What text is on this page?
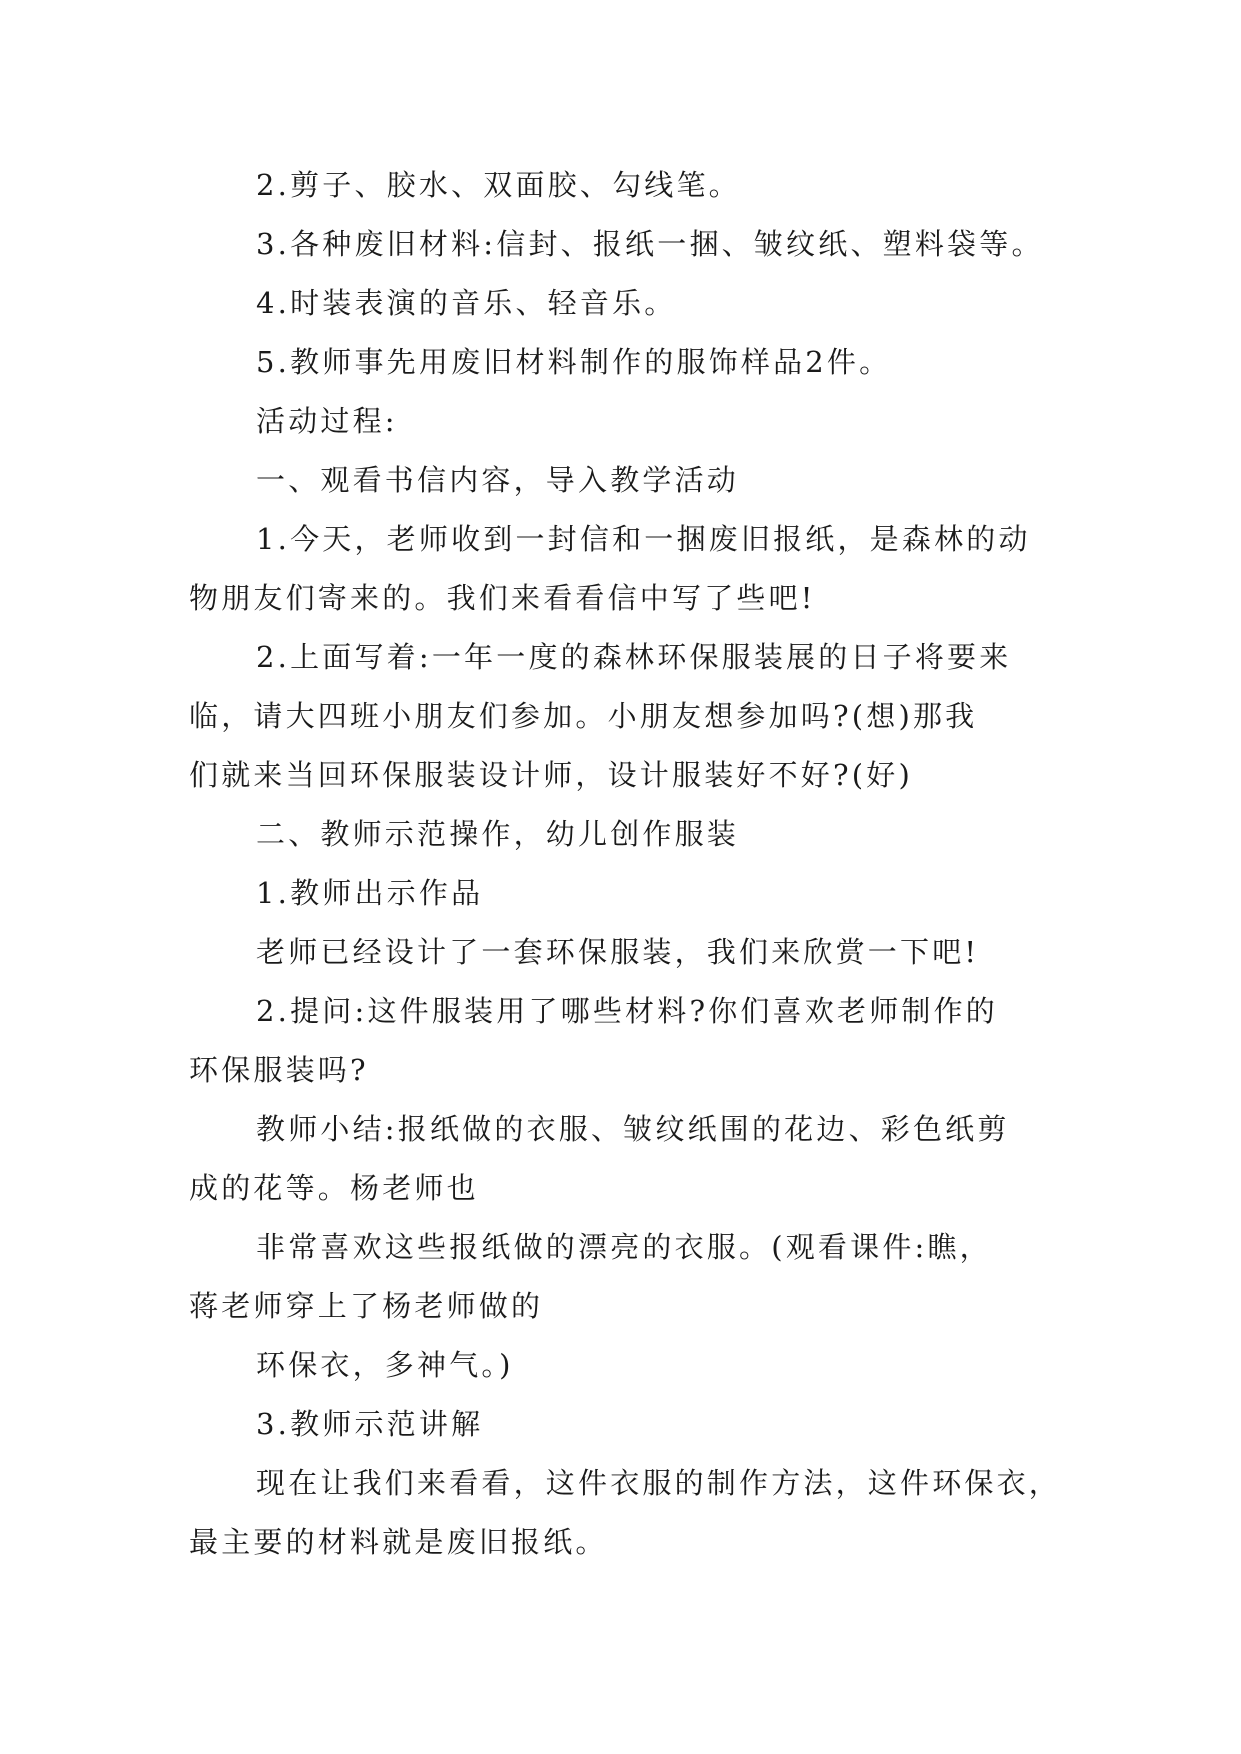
2.剪子、胶水、双面胶、勾线笔。
3.各种废旧材料:信封、报纸一捆、皱纹纸、塑料袋等。
4.时装表演的音乐、轻音乐。
5.教师事先用废旧材料制作的服饰样品2件。
活动过程:
一、观看书信内容，导入教学活动
1.今天，老师收到一封信和一捆废旧报纸，是森林的动
物朋友们寄来的。我们来看看信中写了些吧!
2.上面写着:一年一度的森林环保服装展的日子将要来
临，请大四班小朋友们参加。小朋友想参加吗?(想)那我
们就来当回环保服装设计师，设计服装好不好?(好)
二、教师示范操作，幼儿创作服装
1.教师出示作品
老师已经设计了一套环保服装，我们来欣赏一下吧!
2.提问:这件服装用了哪些材料?你们喜欢老师制作的
环保服装吗?
教师小结:报纸做的衣服、皱纹纸围的花边、彩色纸剪
成的花等。杨老师也
非常喜欢这些报纸做的漂亮的衣服。(观看课件:瞧，
蒋老师穿上了杨老师做的
环保衣，多神气。)
3.教师示范讲解
现在让我们来看看，这件衣服的制作方法，这件环保衣，
最主要的材料就是废旧报纸。
